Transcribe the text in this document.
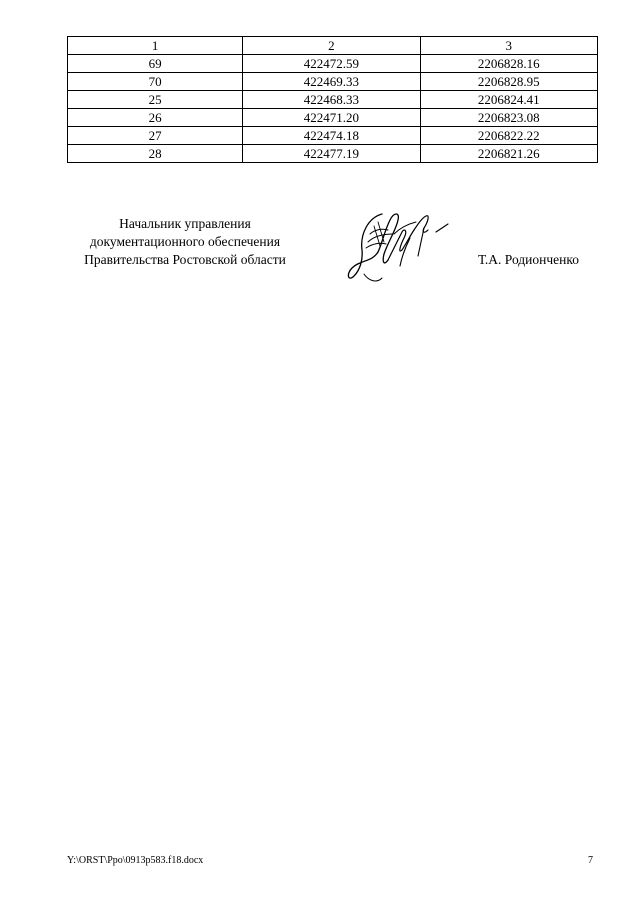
1	2	3
69	422472.59	2206828.16
70	422469.33	2206828.95
25	422468.33	2206824.41
26	422471.20	2206823.08
27	422474.18	2206822.22
28	422477.19	2206821.26
Начальник управления
документационного обеспечения
Правительства Ростовской области	Т.А. Родионченко
Y:\ORST\Ppo\0913p583.f18.docx	7
